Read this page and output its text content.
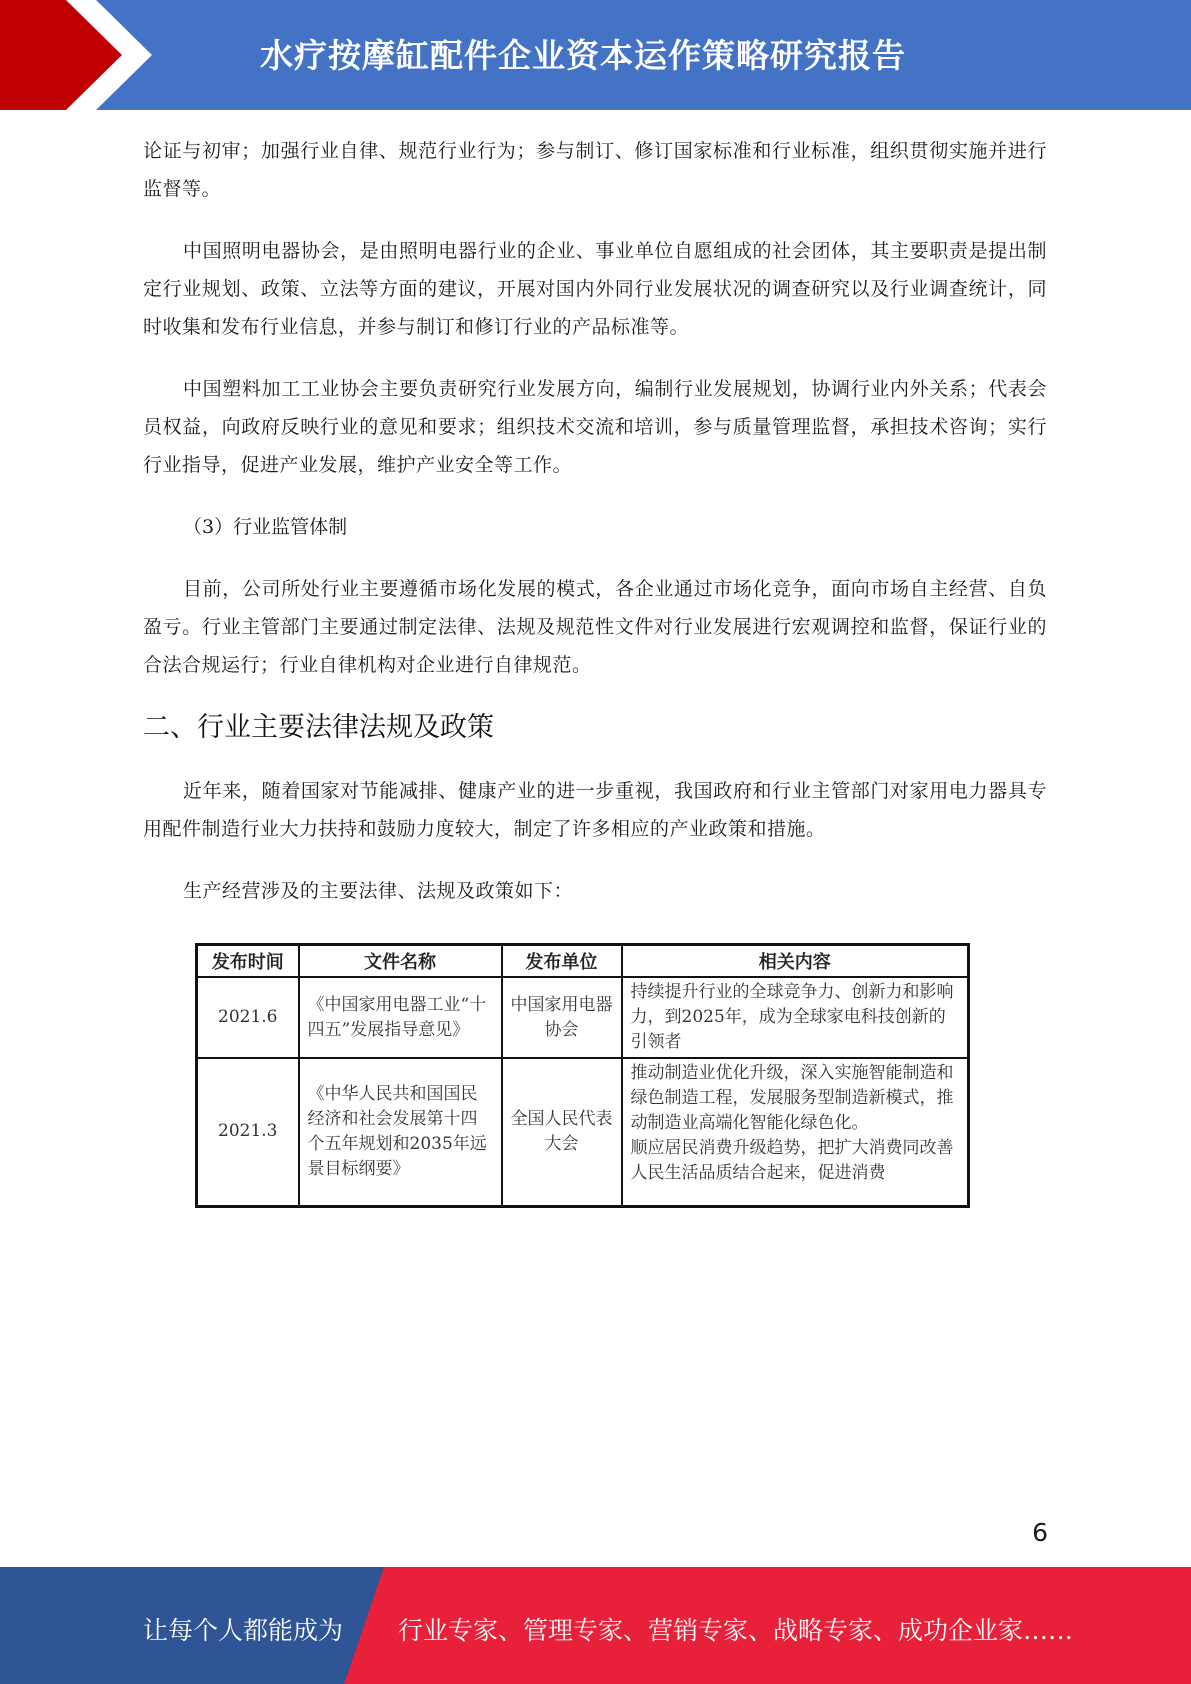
水疗按摩缸配件企业资本运作策略研究报告

论证与初审；加强行业自律、规范行业行为；参与制订、修订国家标准和行业标准，组织贯彻实施并进行监督等。

中国照明电器协会，是由照明电器行业的企业、事业单位自愿组成的社会团体，其主要职责是提出制定行业规划、政策、立法等方面的建议，开展对国内外同行业发展状况的调查研究以及行业调查统计，同时收集和发布行业信息，并参与制订和修订行业的产品标准等。

中国塑料加工工业协会主要负责研究行业发展方向，编制行业发展规划，协调行业内外关系；代表会员权益，向政府反映行业的意见和要求；组织技术交流和培训，参与质量管理监督，承担技术咨询；实行行业指导，促进产业发展，维护产业安全等工作。

（3）行业监管体制

目前，公司所处行业主要遵循市场化发展的模式，各企业通过市场化竞争，面向市场自主经营、自负盈亏。行业主管部门主要通过制定法律、法规及规范性文件对行业发展进行宏观调控和监督，保证行业的合法合规运行；行业自律机构对企业进行自律规范。

二、行业主要法律法规及政策

近年来，随着国家对节能减排、健康产业的进一步重视，我国政府和行业主管部门对家用电力器具专用配件制造行业大力扶持和鼓励力度较大，制定了许多相应的产业政策和措施。

生产经营涉及的主要法律、法规及政策如下：

发布时间	文件名称	发布单位	相关内容
2021.6	《中国家用电器工业“十四五”发展指导意见》	中国家用电器协会	持续提升行业的全球竞争力、创新力和影响力，到2025年，成为全球家电科技创新的引领者
2021.3	《中华人民共和国国民经济和社会发展第十四个五年规划和2035年远景目标纲要》	全国人民代表大会	推动制造业优化升级，深入实施智能制造和绿色制造工程，发展服务型制造新模式，推动制造业高端化智能化绿色化。
顺应居民消费升级趋势，把扩大消费同改善人民生活品质结合起来，促进消费
6
让每个人都能成为 行业专家、管理专家、营销专家、战略专家、成功企业家……
